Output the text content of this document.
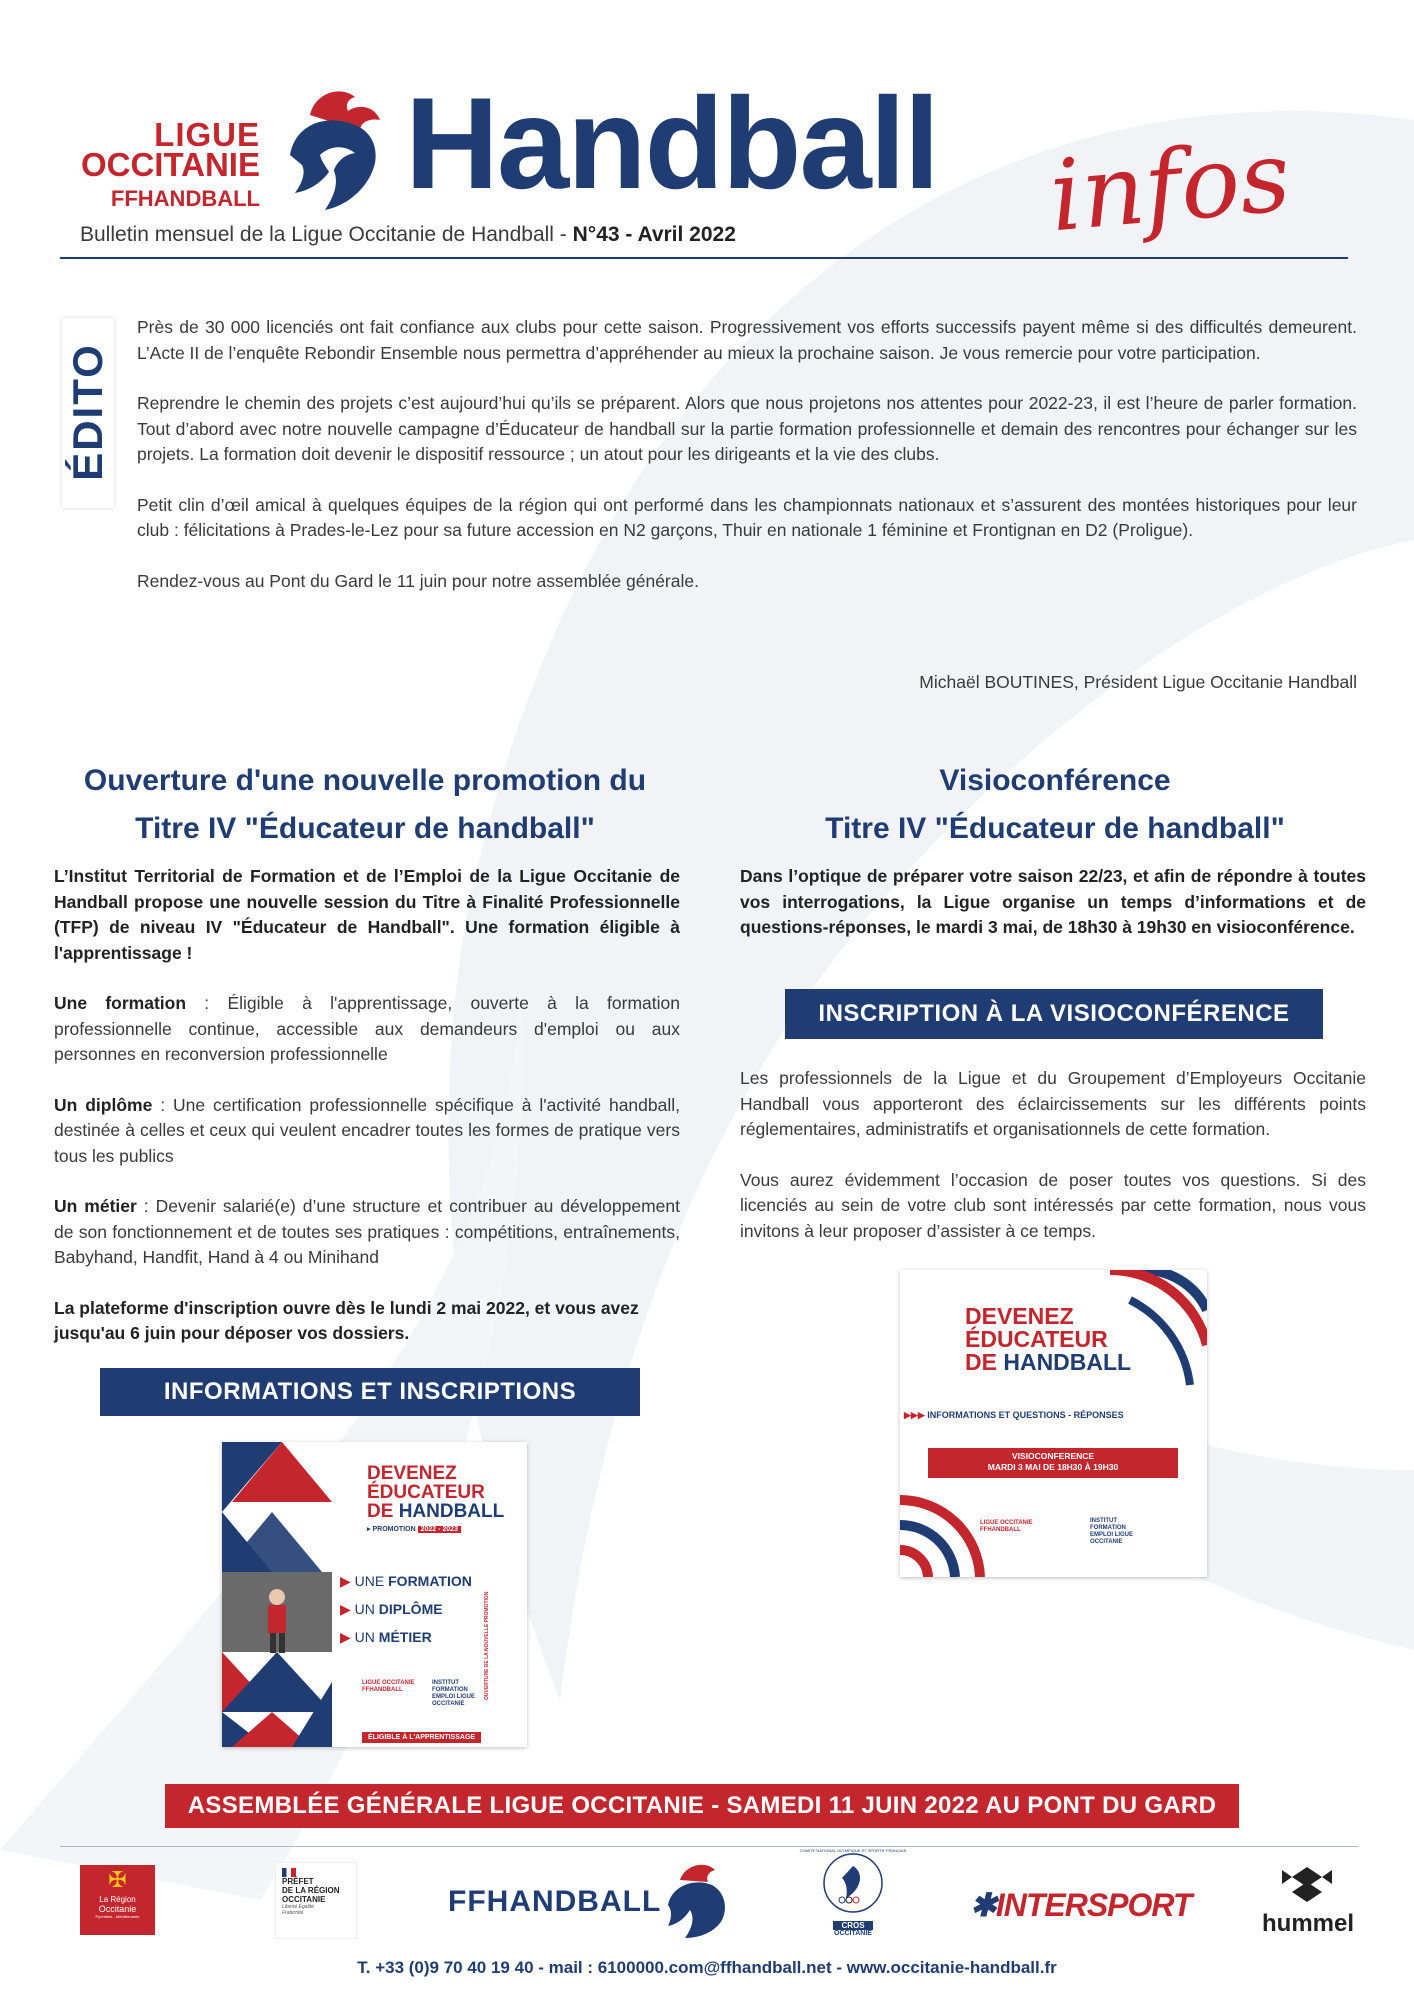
LIGUE
OCCITANIE
FFHANDBALL Handball infos
Bulletin mensuel de la Ligue Occitanie de Handball - N°43 - Avril 2022
ÉDITO

Près de 30 000 licenciés ont fait confiance aux clubs pour cette saison. Progressivement vos efforts successifs payent même si des difficultés demeurent. L’Acte II de l’enquête Rebondir Ensemble nous permettra d’appréhender au mieux la prochaine saison. Je vous remercie pour votre participation.

Reprendre le chemin des projets c’est aujourd’hui qu’ils se préparent. Alors que nous projetons nos attentes pour 2022-23, il est l’heure de parler formation. Tout d’abord avec notre nouvelle campagne d’Éducateur de handball sur la partie formation professionnelle et demain des rencontres pour échanger sur les projets. La formation doit devenir le dispositif ressource ; un atout pour les dirigeants et la vie des clubs.

Petit clin d’œil amical à quelques équipes de la région qui ont performé dans les championnats nationaux et s’assurent des montées historiques pour leur club : félicitations à Prades-le-Lez pour sa future accession en N2 garçons, Thuir en nationale 1 féminine et Frontignan en D2 (Proligue).

Rendez-vous au Pont du Gard le 11 juin pour notre assemblée générale.

Michaël BOUTINES, Président Ligue Occitanie Handball
Ouverture d'une nouvelle promotion du
Titre IV "Éducateur de handball"

L’Institut Territorial de Formation et de l’Emploi de la Ligue Occitanie de Handball propose une nouvelle session du Titre à Finalité Professionnelle (TFP) de niveau IV "Éducateur de Handball". Une formation éligible à l'apprentissage !

Une formation : Éligible à l'apprentissage, ouverte à la formation professionnelle continue, accessible aux demandeurs d'emploi ou aux personnes en reconversion professionnelle

Un diplôme : Une certification professionnelle spécifique à l'activité handball, destinée à celles et ceux qui veulent encadrer toutes les formes de pratique vers tous les publics

Un métier : Devenir salarié(e) d’une structure et contribuer au développement de son fonctionnement et de toutes ses pratiques : compétitions, entraînements, Babyhand, Handfit, Hand à 4 ou Minihand

La plateforme d'inscription ouvre dès le lundi 2 mai 2022, et vous avez jusqu'au 6 juin pour déposer vos dossiers.

INFORMATIONS ET INSCRIPTIONS
DEVENEZ
ÉDUCATEUR
DE HANDBALL
▸ PROMOTION 2022 - 2023
▶ UNE FORMATION
▶ UN DIPLÔME
▶ UN MÉTIER
LIGUE OCCITANIE FFHANDBALL
INSTITUT FORMATION EMPLOI LIGUE OCCITANIE
OUVERTURE DE LA NOUVELLE PROMOTION
ÉLIGIBLE À L'APPRENTISSAGE
Visioconférence
Titre IV "Éducateur de handball"

Dans l’optique de préparer votre saison 22/23, et afin de répondre à toutes vos interrogations, la Ligue organise un temps d’informations et de questions-réponses, le mardi 3 mai, de 18h30 à 19h30 en visioconférence.

INSCRIPTION À LA VISIOCONFÉRENCE

Les professionnels de la Ligue et du Groupement d’Employeurs Occitanie Handball vous apporteront des éclaircissements sur les différents points réglementaires, administratifs et organisationnels de cette formation.

Vous aurez évidemment l’occasion de poser toutes vos questions. Si des licenciés au sein de votre club sont intéressés par cette formation, nous vous invitons à leur proposer d’assister à ce temps.

DEVENEZ
ÉDUCATEUR
DE HANDBALL
▶▶▶ INFORMATIONS ET QUESTIONS - RÉPONSES
VISIOCONFERENCE
MARDI 3 MAI DE 18H30 À 19H30
LIGUE OCCITANIE FFHANDBALL
INSTITUT FORMATION EMPLOI LIGUE OCCITANIE
ASSEMBLÉE GÉNÉRALE LIGUE OCCITANIE - SAMEDI 11 JUIN 2022 AU PONT DU GARD
✠
La Région
Occitanie
Pyrénées - Méditerranée
PRÉFET
DE LA RÉGION
OCCITANIE
Liberté Égalité Fraternité	FFHANDBALL
COMITÉ NATIONAL OLYMPIQUE ET SPORTIF FRANÇAIS
CROS
OCCITANIE
✱INTERSPORT
hummel
T. +33 (0)9 70 40 19 40 - mail : 6100000.com@ffhandball.net - www.occitanie-handball.fr
